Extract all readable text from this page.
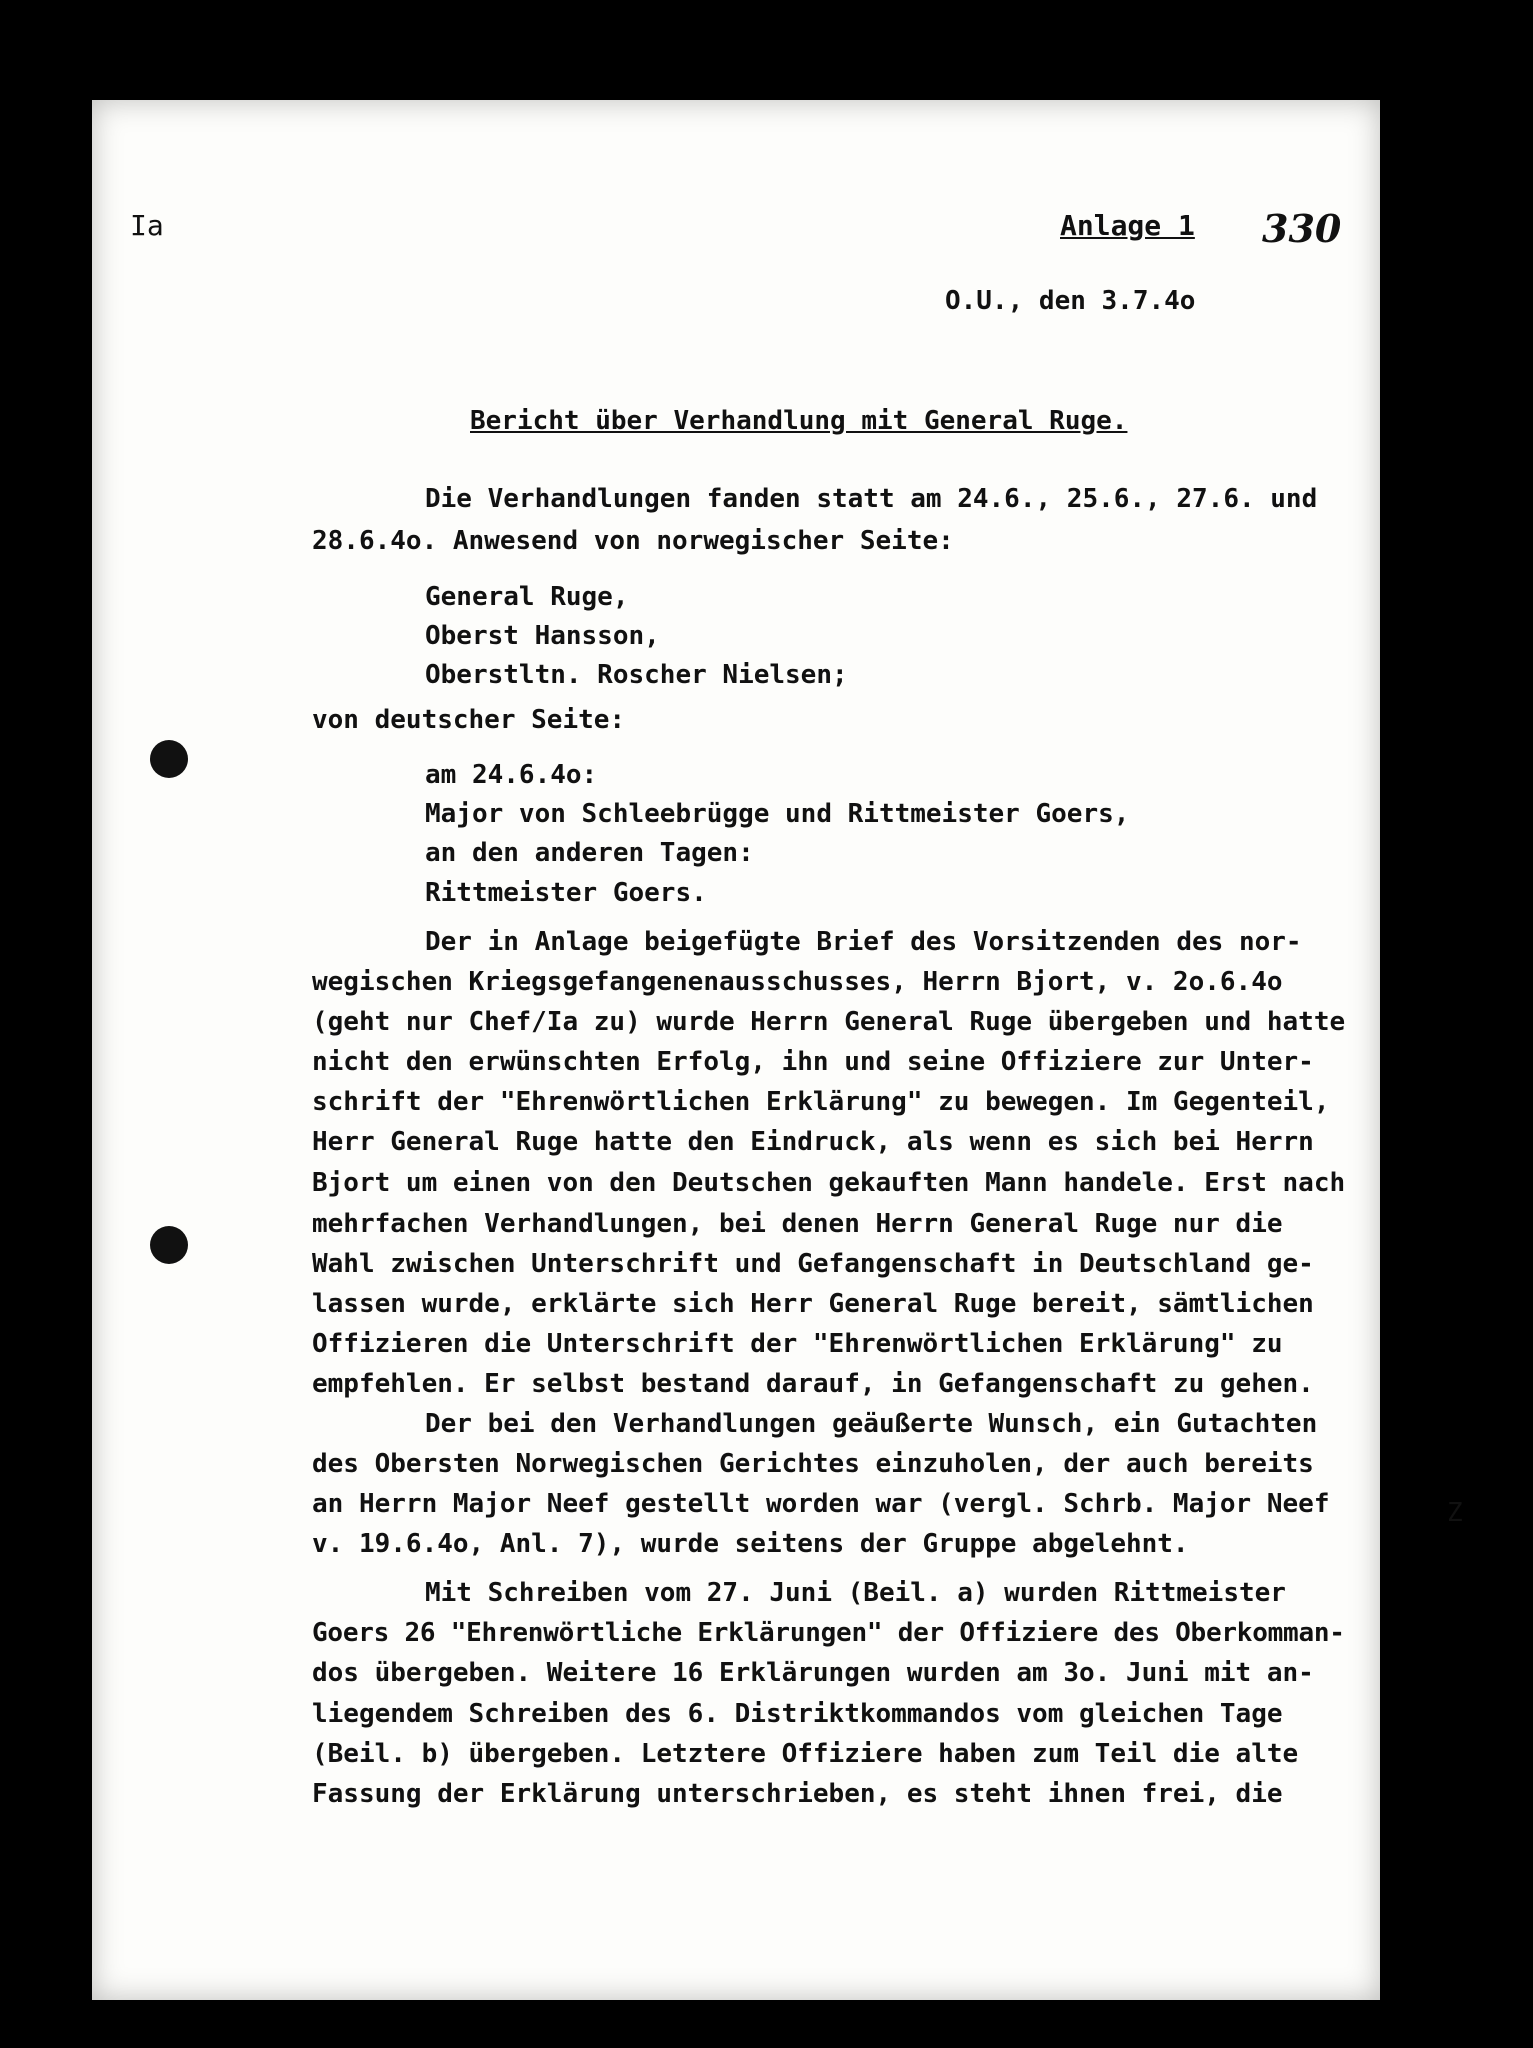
Ia	Anlage 1 330
O.U., den 3.7.4o
Bericht über Verhandlung mit General Ruge.
Die Verhandlungen fanden statt am 24.6., 25.6., 27.6. und
28.6.4o. Anwesend von norwegischer Seite:
General Ruge,
Oberst Hansson,
Oberstltn. Roscher Nielsen;
von deutscher Seite:
am 24.6.4o:
Major von Schleebrügge und Rittmeister Goers,
an den anderen Tagen:
Rittmeister Goers.
Der in Anlage beigefügte Brief des Vorsitzenden des nor-
wegischen Kriegsgefangenenausschusses, Herrn Bjort, v. 2o.6.4o
(geht nur Chef/Ia zu) wurde Herrn General Ruge übergeben und hatte
nicht den erwünschten Erfolg, ihn und seine Offiziere zur Unter-
schrift der "Ehrenwörtlichen Erklärung" zu bewegen. Im Gegenteil,
Herr General Ruge hatte den Eindruck, als wenn es sich bei Herrn
Bjort um einen von den Deutschen gekauften Mann handele. Erst nach
mehrfachen Verhandlungen, bei denen Herrn General Ruge nur die
Wahl zwischen Unterschrift und Gefangenschaft in Deutschland ge-
lassen wurde, erklärte sich Herr General Ruge bereit, sämtlichen
Offizieren die Unterschrift der "Ehrenwörtlichen Erklärung" zu
empfehlen. Er selbst bestand darauf, in Gefangenschaft zu gehen.
Der bei den Verhandlungen geäußerte Wunsch, ein Gutachten
des Obersten Norwegischen Gerichtes einzuholen, der auch bereits
an Herrn Major Neef gestellt worden war (vergl. Schrb. Major Neef
v. 19.6.4o, Anl. 7), wurde seitens der Gruppe abgelehnt.
Mit Schreiben vom 27. Juni (Beil. a) wurden Rittmeister
Goers 26 "Ehrenwörtliche Erklärungen" der Offiziere des Oberkomman-
dos übergeben. Weitere 16 Erklärungen wurden am 3o. Juni mit an-
liegendem Schreiben des 6. Distriktkommandos vom gleichen Tage
(Beil. b) übergeben. Letztere Offiziere haben zum Teil die alte
Fassung der Erklärung unterschrieben, es steht ihnen frei, die
